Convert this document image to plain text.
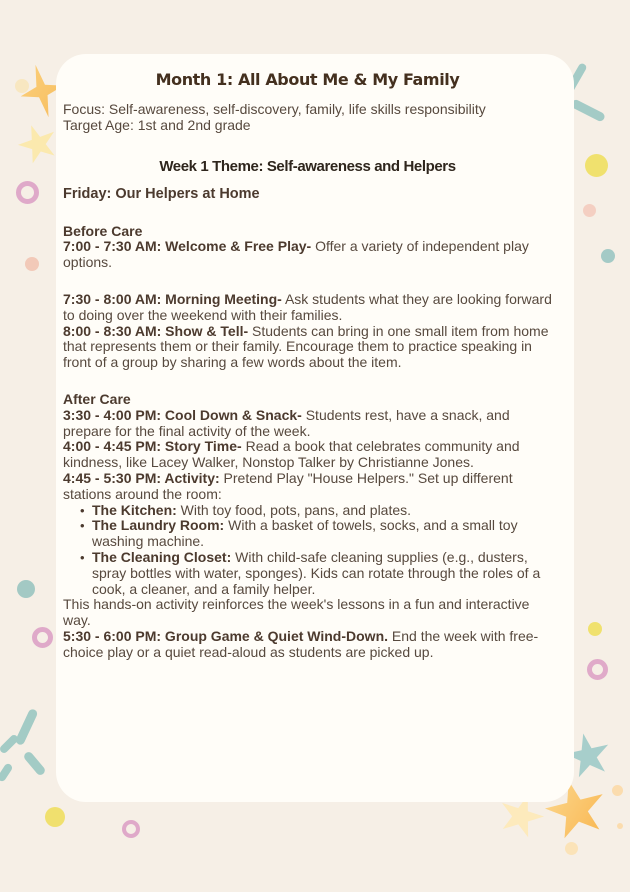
Month 1: All About Me & My Family

Focus: Self-awareness, self-discovery, family, life skills responsibility

Target Age: 1st and 2nd grade

Week 1 Theme: Self-awareness and Helpers
Friday: Our Helpers at Home

Before Care

7:00 - 7:30 AM: Welcome & Free Play- Offer a variety of independent play options.

7:30 - 8:00 AM: Morning Meeting- Ask students what they are looking forward to doing over the weekend with their families.

8:00 - 8:30 AM: Show & Tell- Students can bring in one small item from home that represents them or their family. Encourage them to practice speaking in front of a group by sharing a few words about the item.

After Care

3:30 - 4:00 PM: Cool Down & Snack- Students rest, have a snack, and prepare for the final activity of the week.

4:00 - 4:45 PM: Story Time- Read a book that celebrates community and kindness, like Lacey Walker, Nonstop Talker by Christianne Jones.

4:45 - 5:30 PM: Activity: Pretend Play "House Helpers." Set up different stations around the room:

• The Kitchen: With toy food, pots, pans, and plates.

• The Laundry Room: With a basket of towels, socks, and a small toy washing machine.

• The Cleaning Closet: With child-safe cleaning supplies (e.g., dusters, spray bottles with water, sponges). Kids can rotate through the roles of a cook, a cleaner, and a family helper.

This hands-on activity reinforces the week's lessons in a fun and interactive way.

5:30 - 6:00 PM: Group Game & Quiet Wind-Down. End the week with free-choice play or a quiet read-aloud as students are picked up.
